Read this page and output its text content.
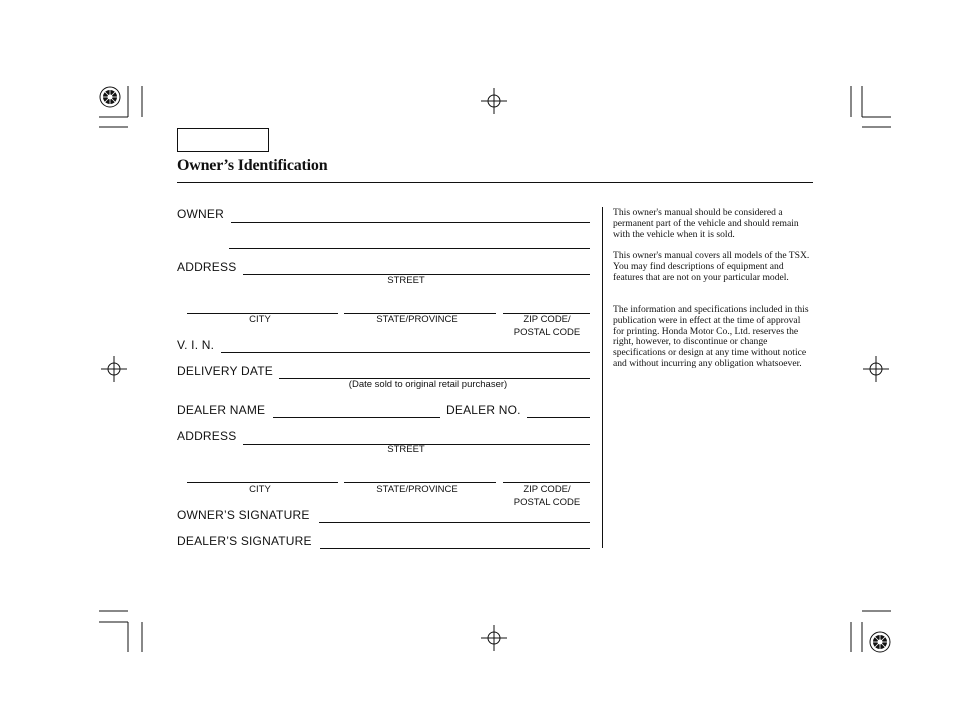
Owner’s Identification
OWNER
ADDRESS
STREET
CITY	STATE/PROVINCE	ZIP CODE/
POSTAL CODE
V. I. N.
DELIVERY DATE
(Date sold to original retail purchaser)
DEALER NAME	DEALER NO.
ADDRESS
STREET
CITY	STATE/PROVINCE	ZIP CODE/
POSTAL CODE
OWNER’S SIGNATURE
DEALER’S SIGNATURE

This owner's manual should be considered a permanent part of the vehicle and should remain with the vehicle when it is sold.

This owner's manual covers all models of the TSX. You may find descriptions of equipment and features that are not on your particular model.

The information and specifications included in this publication were in effect at the time of approval for printing. Honda Motor Co., Ltd. reserves the right, however, to discontinue or change specifications or design at any time without notice and without incurring any obligation whatsoever.
